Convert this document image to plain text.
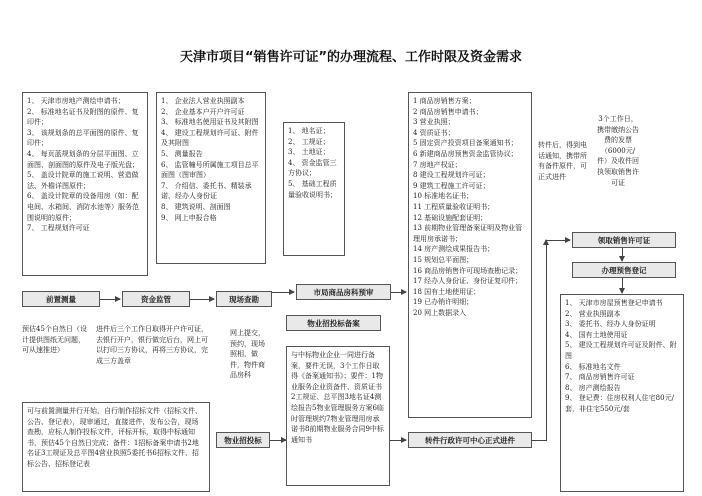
天津市项目“销售许可证”的办理流程、工作时限及资金需求
1、 天津市房地产测绘申请书；
2、 标准地名证书及附图的原件、复印件；
3、 该规划条的总平面图的原件、复印件；
4、 每页蓝规划条的分层平面图、立面图、剖面图的原件及电子版光盘；
5、 盖设计院章的施工说明、营造做法、外檐详图原件；
6、 盖设计院章的设备用房（如：配电间、水箱间、消防水池等）服务范围说明的原件；
7、 工程规划许可证
1、 企业法人营业执照副本
2、 企业基本户开户许可证
3、 标准地名使用证书及其附图
4、 建设工程规划许可证、附件及其附图
5、 测量报告
6、 监管幢号所属施工项目总平面图（图审图）
7、 介绍信、委托书、精装承诺、经办人身份证
8、 建筑说明、剖面图
9、 网上申报合格
1、 地名证；
2、 工规证；
3、 土地证；
4、 资金监管三方协议；
5、 基础工程质量验收说明书；
1 商品房销售方案；
2 商品房销售申请书；
3 营业执照；
4 资质证书；
5 固定资产投资项目备案通知书；
6 新建商品房预售资金监管协议；
7 房地产权证；
8 建设工程规划许可证；
9 建筑工程施工许可证；
10 标准地名证书；
11 工程质量验收证明书；
12 基础设施配套证明；
13 前期物业管理备案证明及物业管理用房承诺书；
14 房产测绘成果报告书；
15 规划总平面图；
16 商品房销售许可现场查勘记录；
17 经办人身份证、身份证复印件；
18 国有土地使用证；
19 已办销许明细；
20 网上数据录入
转件后，得到电话通知，携带所有备件原件，可正式进件
3个工作日，携带缴纳公告费的发票（6000元/件）及收件回执领取销售许可证
前置测量	资金监管	现场查勘
市局商品房科预审
物业招投标备案
物业招投标	转件行政许可中心正式进件
领取销售许可证
办理预售登记
预估45个自然日（设计提供图纸无问题，可从速推进）
进件后三个工作日取得开户许可证，去银行开户，银行做完后台，网上可以打印三方协议，再将三方协议，完成三方盖章
网上提交，预约，现场照相，做件，物件商品房科
可与前置测量并行开始，自行制作招标文件（招标文件、公告、登记表），现审通过，直接进件，发布公告，现场查勘，应标人制作投标文件，评标开标，取得中标通知书，预估45个自然日完成；备件：1招标备案申请书2地名证3工规证及总平图4营业执照5委托书6招标文件、招标公告、招标登记表
与中标物业企业一同进行备案，要件无误，3个工作日取得《备案通知书》；要件：1物业服务企业资备件、资质证书2工规证、总平图3地名证4测绘报告5物业管理服务方案6临时管理规约7物业管理用房承诺书8前期物业服务合同9中标通知书
1、 天津市房屋预售登记申请书
2、 营业执照副本
3、 委托书、经办人身份证明
4、 国有土地使用证
5、 建设工程规划许可证及附件、附图
6、 标准地名文件
7、 商品房销售许可证
8、 房产测绘报告
9、 登记费：住房权利人住宅80元/套，非住宅550元/套
